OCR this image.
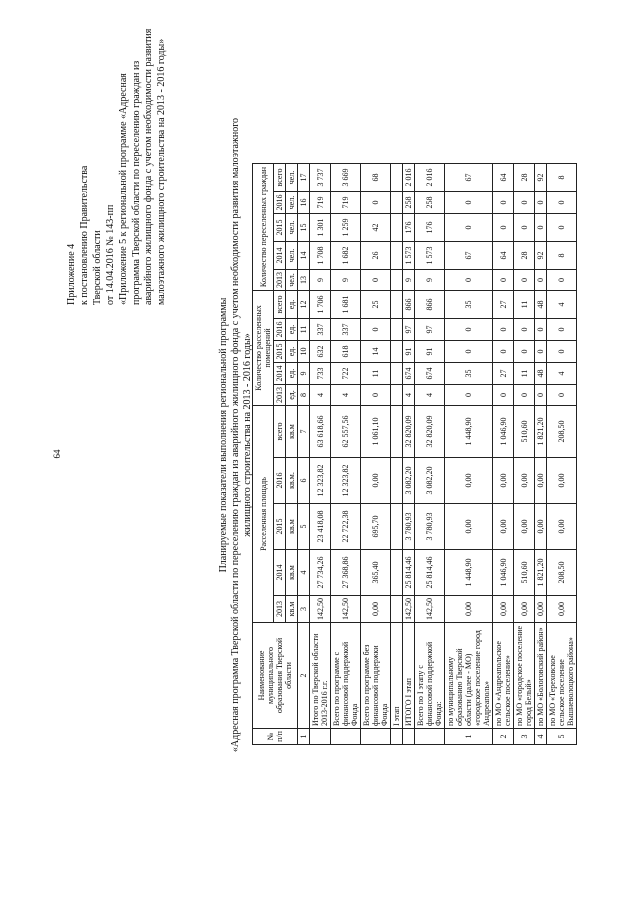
64
Приложение 4 к постановлению Правительства Тверской области от 14.04.2016 № 143-пп «Приложение 5 к региональной программе «Адресная программа Тверской области по переселению граждан из аварийного жилищного фонда с учетом необходимости развития малоэтажного жилищного строительства на 2013 - 2016 годы»
Планируемые показатели выполнения региональной программы «Адресная программа Тверской области по переселению граждан из аварийного жилищного фонда с учетом необходимости развития малоэтажного жилищного строительства на 2013 - 2016 годы»
№ п/п	Наименование муниципального образования Тверской области	Расселенная площадь					Количество расселенных помещений					Количество переселенных граждан				
		2013	2014	2015	2016	всего	2013	2014	2015	2016	всего	2013	2014	2015	2016	всего
		кв.м	кв.м	кв.м	кв.м.	кв.м	ед.	ед.	ед.	ед.	ед.	чел.	чел.	чел.	чел.	чел.
1	2	3	4	5	6	7	8	9	10	11	12	13	14	15	16	17
	Итого по Тверской области 2013-2016 г.г.	142,50	27 734,26	23 418,08	12 323,82	63 618,66	4	733	632	337	1 706	9	1 708	1 301	719	3 737
	Всего по программе с финансовой поддержкой Фонда	142,50	27 368,86	22 722,38	12 323,82	62 557,56	4	722	618	337	1 681	9	1 682	1 259	719	3 669
	Всего по программе без финансовой поддержки Фонда	0,00	365,40	695,70	0,00	1 061,10	0	11	14	0	25	0	26	42	0	68
	I этап															
	ИТОГО I этап	142,50	25 814,46	3 780,93	3 082,20	32 820,09	4	674	91	97	866	9	1 573	176	258	2 016
	Всего по I этапу с финансовой поддержкой Фонда:	142,50	25 814,46	3 780,93	3 082,20	32 820,09	4	674	91	97	866	9	1 573	176	258	2 016
1	по муниципальному образованию Тверской области (далее - МО) «городское поселение город Андреаполь»	0,00	1 448,90	0,00	0,00	1 448,90	0	35	0	0	35	0	67	0	0	67
2	по МО «Андреапольское сельское поселение»	0,00	1 046,90	0,00	0,00	1 046,90	0	27	0	0	27	0	64	0	0	64
3	по МО «городское поселение город Белый»	0,00	510,60	0,00	0,00	510,60	0	11	0	0	11	0	28	0	0	28
4	по МО «Бологовский район»	0,00	1 821,20	0,00	0,00	1 821,20	0	48	0	0	48	0	92	0	0	92
5	по МО «Тереховское сельское поселение Вышневолоцкого района»	0,00	208,50	0,00	0,00	208,50	0	4	0	0	4	0	8	0	0	8
